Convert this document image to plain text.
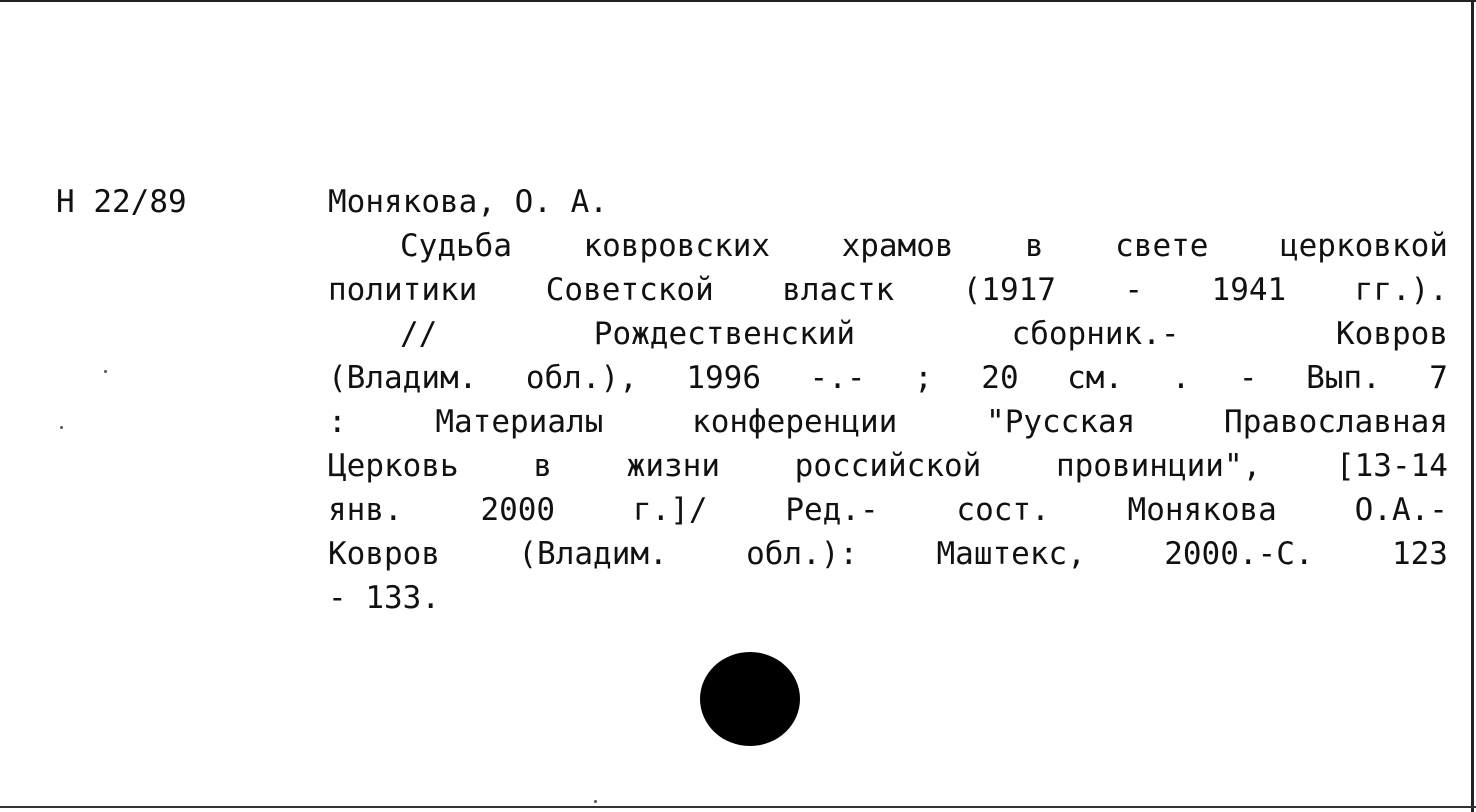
H 22/89	Монякова, О. А.
Судьба ковровских храмов в свете церковкой
политики Советской властк (1917 - 1941 гг.).
//	Рождественский	сборник.-	Ковров
(Владим. обл.), 1996 -.- ; 20 см. . - Вып. 7
:	Материалы	конференции	"Русская	Православная
Церковь в жизни российской провинции", [13-14
янв.	2000	г.]/	Ред.-	сост.	Монякова	О.А.-
Ковров	(Владим.	обл.):	Маштекс,	2000.-С.	123
- 133.
